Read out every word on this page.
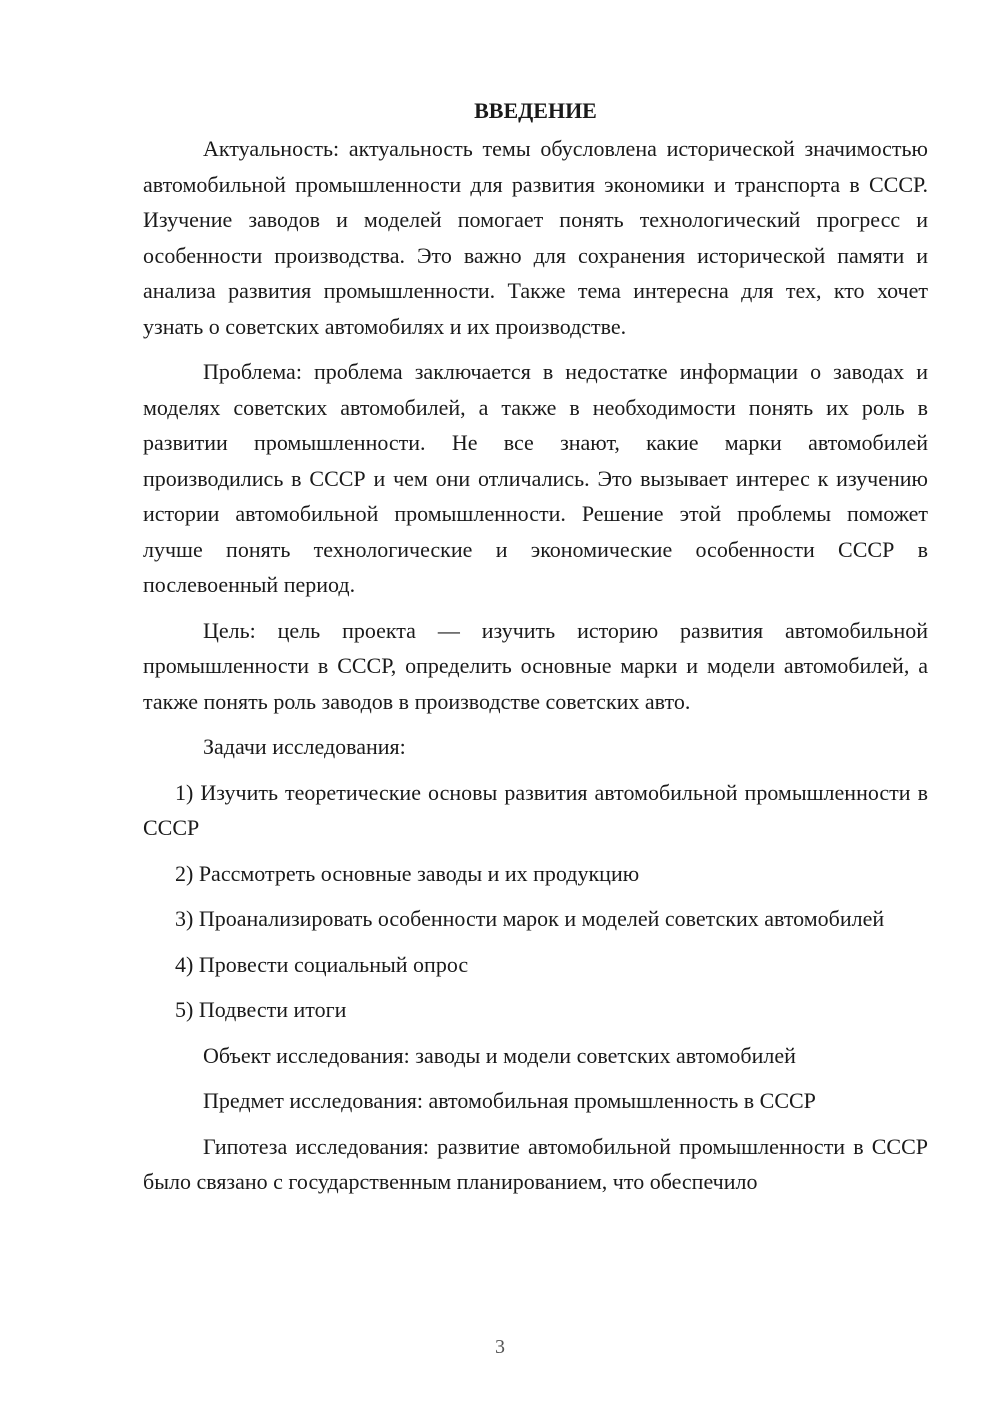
ВВЕДЕНИЕ

Актуальность: актуальность темы обусловлена исторической значимостью автомобильной промышленности для развития экономики и транспорта в СССР. Изучение заводов и моделей помогает понять технологический прогресс и особенности производства. Это важно для сохранения исторической памяти и анализа развития промышленности. Также тема интересна для тех, кто хочет узнать о советских автомобилях и их производстве.

Проблема: проблема заключается в недостатке информации о заводах и моделях советских автомобилей, а также в необходимости понять их роль в развитии промышленности. Не все знают, какие марки автомобилей производились в СССР и чем они отличались. Это вызывает интерес к изучению истории автомобильной промышленности. Решение этой проблемы поможет лучше понять технологические и экономические особенности СССР в послевоенный период.

Цель: цель проекта — изучить историю развития автомобильной промышленности в СССР, определить основные марки и модели автомобилей, а также понять роль заводов в производстве советских авто.

Задачи исследования:

1) Изучить теоретические основы развития автомобильной промышленности в СССР

2) Рассмотреть основные заводы и их продукцию

3) Проанализировать особенности марок и моделей советских автомобилей

4) Провести социальный опрос

5) Подвести итоги

Объект исследования: заводы и модели советских автомобилей

Предмет исследования: автомобильная промышленность в СССР

Гипотеза исследования: развитие автомобильной промышленности в СССР было связано с государственным планированием, что обеспечило

3
